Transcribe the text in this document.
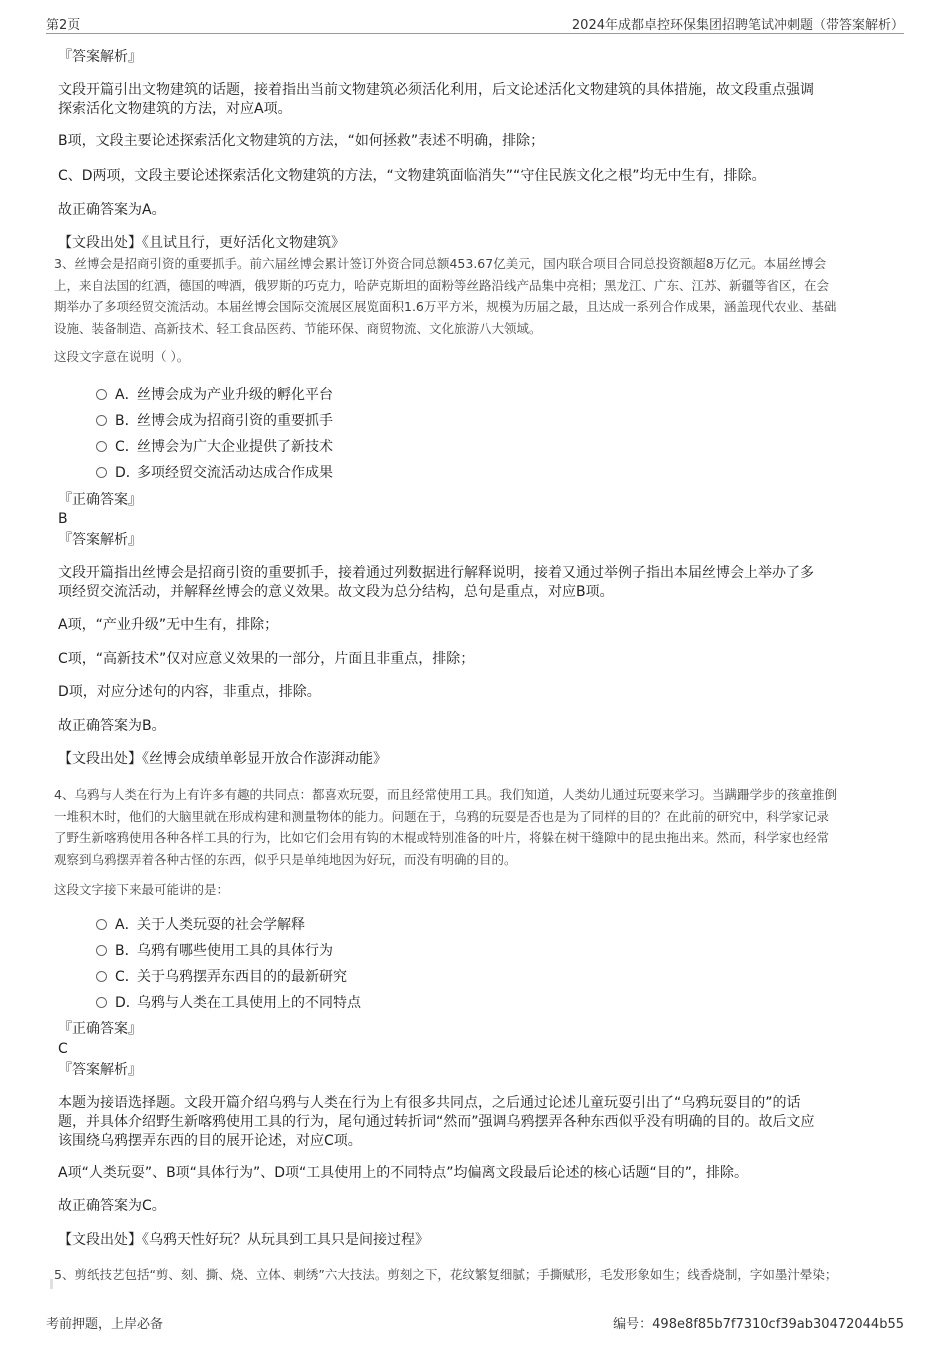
第2页	2024年成都卓控环保集团招聘笔试冲刺题（带答案解析）
『答案解析』
文段开篇引出文物建筑的话题，接着指出当前文物建筑必须活化利用，后文论述活化文物建筑的具体措施，故文段重点强调
探索活化文物建筑的方法，对应A项。
B项，文段主要论述探索活化文物建筑的方法，“如何拯救”表述不明确，排除；
C、D两项，文段主要论述探索活化文物建筑的方法，“文物建筑面临消失”“守住民族文化之根”均无中生有，排除。
故正确答案为A。
【文段出处】《且试且行，更好活化文物建筑》
3、丝博会是招商引资的重要抓手。前六届丝博会累计签订外资合同总额453.67亿美元，国内联合项目合同总投资额超8万亿元。本届丝博会
上，来自法国的红酒，德国的啤酒，俄罗斯的巧克力，哈萨克斯坦的面粉等丝路沿线产品集中亮相；黑龙江、广东、江苏、新疆等省区，在会
期举办了多项经贸交流活动。本届丝博会国际交流展区展览面积1.6万平方米，规模为历届之最，且达成一系列合作成果，涵盖现代农业、基础
设施、装备制造、高新技术、轻工食品医药、节能环保、商贸物流、文化旅游八大领域。
这段文字意在说明（ ）。
A．丝博会成为产业升级的孵化平台
B．丝博会成为招商引资的重要抓手
C．丝博会为广大企业提供了新技术
D．多项经贸交流活动达成合作成果
『正确答案』
B
『答案解析』
文段开篇指出丝博会是招商引资的重要抓手，接着通过列数据进行解释说明，接着又通过举例子指出本届丝博会上举办了多
项经贸交流活动，并解释丝博会的意义效果。故文段为总分结构，总句是重点，对应B项。
A项，“产业升级”无中生有，排除；
C项，“高新技术”仅对应意义效果的一部分，片面且非重点，排除；
D项，对应分述句的内容，非重点，排除。
故正确答案为B。
【文段出处】《丝博会成绩单彰显开放合作澎湃动能》
4、乌鸦与人类在行为上有许多有趣的共同点：都喜欢玩耍，而且经常使用工具。我们知道，人类幼儿通过玩耍来学习。当蹒跚学步的孩童推倒
一堆积木时，他们的大脑里就在形成构建和测量物体的能力。问题在于，乌鸦的玩耍是否也是为了同样的目的？在此前的研究中，科学家记录
了野生新喀鸦使用各种各样工具的行为，比如它们会用有钩的木棍或特别准备的叶片，将躲在树干缝隙中的昆虫拖出来。然而，科学家也经常
观察到乌鸦摆弄着各种古怪的东西，似乎只是单纯地因为好玩，而没有明确的目的。
这段文字接下来最可能讲的是：
A．关于人类玩耍的社会学解释
B．乌鸦有哪些使用工具的具体行为
C．关于乌鸦摆弄东西目的的最新研究
D．乌鸦与人类在工具使用上的不同特点
『正确答案』
C
『答案解析』
本题为接语选择题。文段开篇介绍乌鸦与人类在行为上有很多共同点，之后通过论述儿童玩耍引出了“乌鸦玩耍目的”的话
题，并具体介绍野生新喀鸦使用工具的行为，尾句通过转折词“然而”强调乌鸦摆弄各种东西似乎没有明确的目的。故后文应
该围绕乌鸦摆弄东西的目的展开论述，对应C项。
A项“人类玩耍”、B项“具体行为”、D项“工具使用上的不同特点”均偏离文段最后论述的核心话题“目的”，排除。
故正确答案为C。
【文段出处】《乌鸦天性好玩？从玩具到工具只是间接过程》
5、剪纸技艺包括“剪、刻、撕、烧、立体、刺绣”六大技法。剪刻之下，花纹繁复细腻；手撕赋形，毛发形象如生；线香烧制，字如墨汁晕染；
考前押题，上岸必备	编号：498e8f85b7f7310cf39ab30472044b55
